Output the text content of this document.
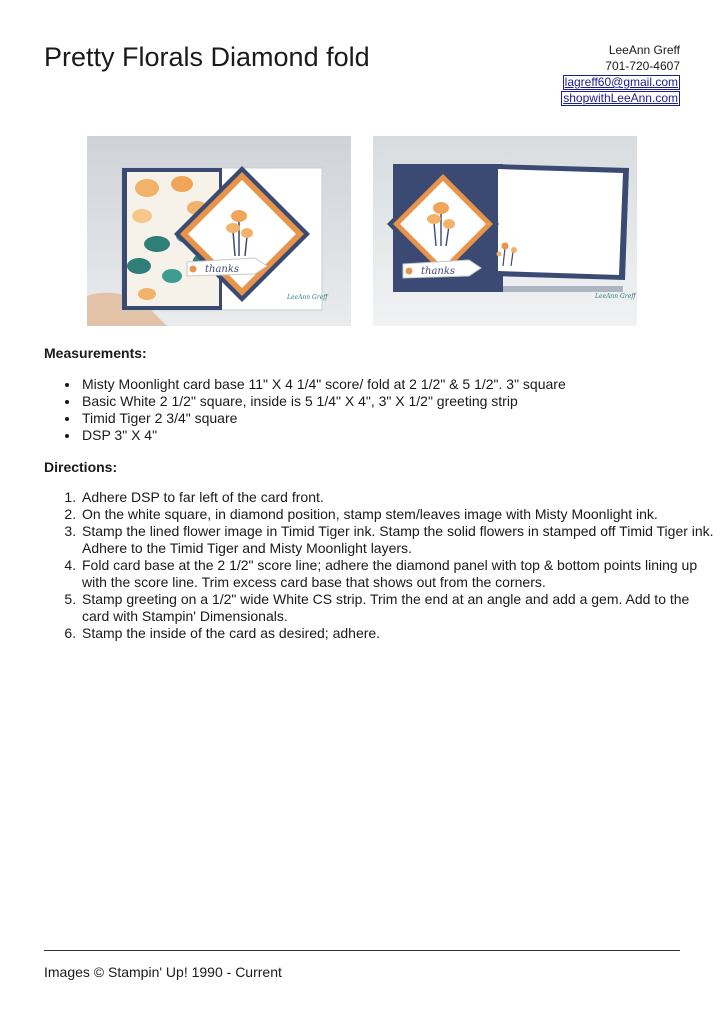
Pretty Florals Diamond fold	LeeAnn Greff
701-720-4607
lagreff60@gmail.com
shopwithLeeAnn.com
thanks
LeeAnn Greff
thanks
LeeAnn Greff
Measurements:
• Misty Moonlight card base 11" X 4 1/4" score/ fold at 2 1/2" & 5 1/2". 3" square
• Basic White 2 1/2" square, inside is 5 1/4" X 4", 3" X 1/2" greeting strip
• Timid Tiger 2 3/4" square
• DSP 3" X 4"
Directions:
1. Adhere DSP to far left of the card front.
2. On the white square, in diamond position, stamp stem/leaves image with Misty Moonlight ink.
3. Stamp the lined flower image in Timid Tiger ink. Stamp the solid flowers in stamped off Timid Tiger ink. Adhere to the Timid Tiger and Misty Moonlight layers.
4. Fold card base at the 2 1/2" score line; adhere the diamond panel with top & bottom points lining up with the score line. Trim excess card base that shows out from the corners.
5. Stamp greeting on a 1/2" wide White CS strip. Trim the end at an angle and add a gem. Add to the card with Stampin' Dimensionals.
6. Stamp the inside of the card as desired; adhere.
Images © Stampin' Up! 1990 - Current
